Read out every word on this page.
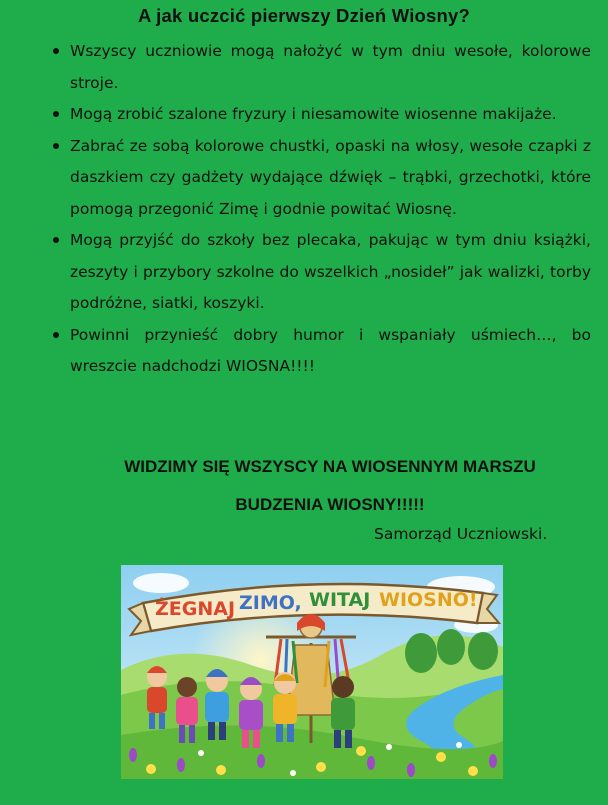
A jak uczcić pierwszy Dzień Wiosny?
Wszyscy uczniowie mogą nałożyć w tym dniu wesołe, kolorowe stroje.
Mogą zrobić szalone fryzury i niesamowite wiosenne makijaże.
Zabrać ze sobą kolorowe chustki, opaski na włosy, wesołe czapki z daszkiem czy gadżety wydające dźwięk – trąbki, grzechotki, które pomogą przegonić Zimę i godnie powitać Wiosnę.
Mogą przyjść do szkoły bez plecaka, pakując w tym dniu książki, zeszyty i przybory szkolne do wszelkich „nosideł” jak walizki, torby podróżne, siatki, koszyki.
Powinni przynieść dobry humor i wspaniały uśmiech…, bo wreszcie nadchodzi WIOSNA!!!!
WIDZIMY SIĘ WSZYSCY NA WIOSENNYM MARSZU
BUDZENIA WIOSNY!!!!!
Samorząd Uczniowski.
ŻEGNAJ ZIMO, WITAJ WIOSNO!
